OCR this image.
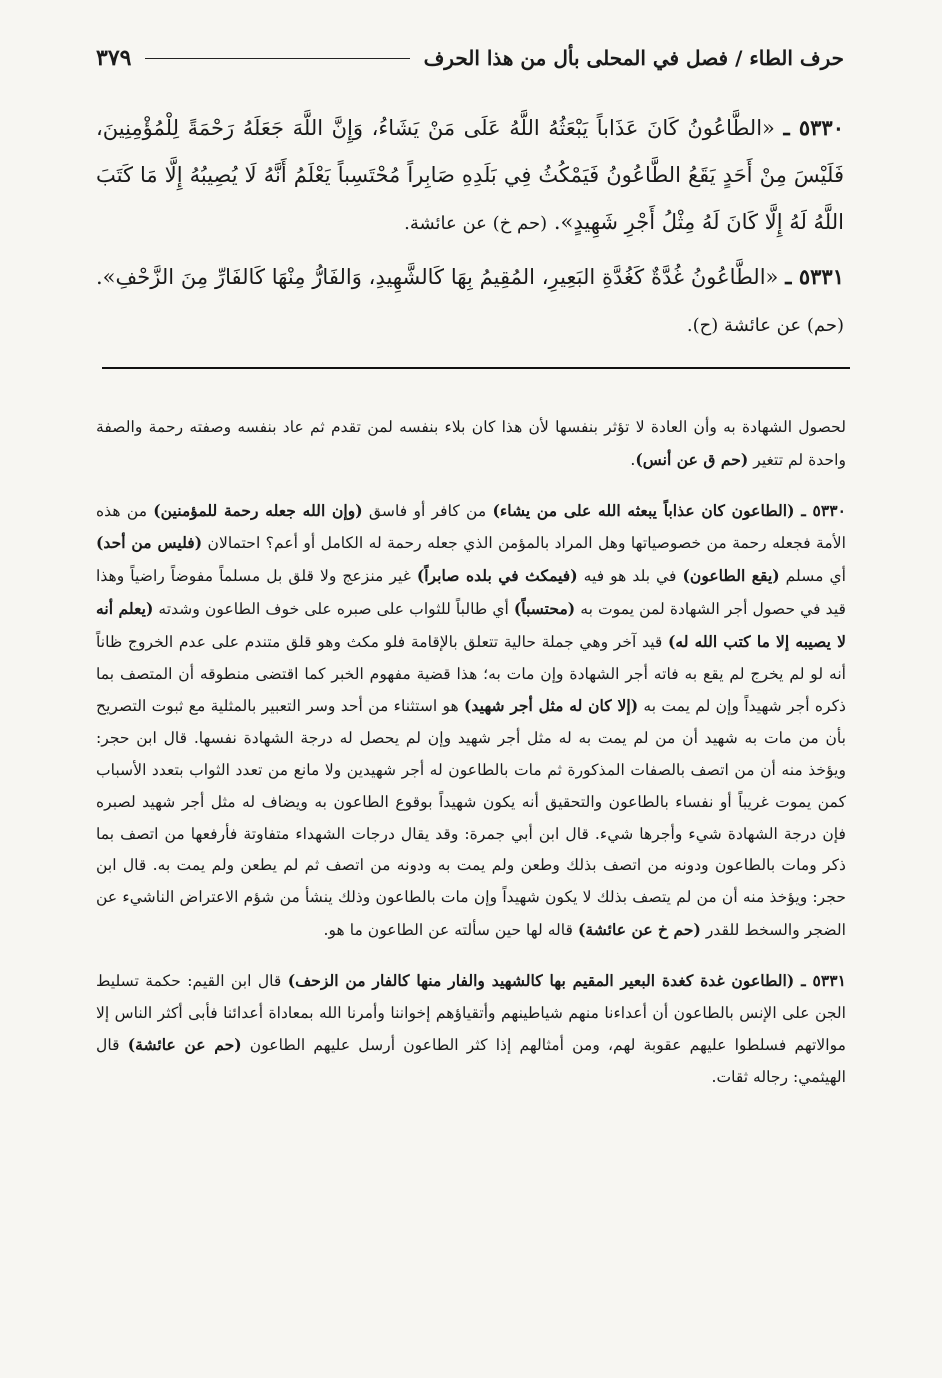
حرف الطاء / فصل في المحلى بأل من هذا الحرف
٣٧٩

٥٣٣٠ ـ «الطَّاعُونُ كَانَ عَذَاباً يَبْعَثُهُ اللَّهُ عَلَى مَنْ يَشَاءُ، وَإِنَّ اللَّهَ جَعَلَهُ رَحْمَةً لِلْمُؤْمِنِينَ، فَلَيْسَ مِنْ أَحَدٍ يَقَعُ الطَّاعُونُ فَيَمْكُثُ فِي بَلَدِهِ صَابِراً مُحْتَسِباً يَعْلَمُ أَنَّهُ لَا يُصِيبُهُ إِلَّا مَا كَتَبَ اللَّهُ لَهُ إِلَّا كَانَ لَهُ مِثْلُ أَجْرِ شَهِيدٍ». (حم خ) عن عائشة.

٥٣٣١ ـ «الطَّاعُونُ غُدَّةٌ كَغُدَّةِ البَعِيرِ، المُقِيمُ بِهَا كَالشَّهِيدِ، وَالفَارُّ مِنْهَا كَالفَارِّ مِنَ الزَّحْفِ». (حم) عن عائشة (ح).

لحصول الشهادة به وأن العادة لا تؤثر بنفسها لأن هذا كان بلاء بنفسه لمن تقدم ثم عاد بنفسه وصفته رحمة والصفة واحدة لم تتغير (حم ق عن أنس).

٥٣٣٠ ـ (الطاعون كان عذاباً يبعثه الله على من يشاء) من كافر أو فاسق (وإن الله جعله رحمة للمؤمنين) من هذه الأمة فجعله رحمة من خصوصياتها وهل المراد بالمؤمن الذي جعله رحمة له الكامل أو أعم؟ احتمالان (فليس من أحد) أي مسلم (يقع الطاعون) في بلد هو فيه (فيمكث في بلده صابراً) غير منزعج ولا قلق بل مسلماً مفوضاً راضياً وهذا قيد في حصول أجر الشهادة لمن يموت به (محتسباً) أي طالباً للثواب على صبره على خوف الطاعون وشدته (يعلم أنه لا يصيبه إلا ما كتب الله له) قيد آخر وهي جملة حالية تتعلق بالإقامة فلو مكث وهو قلق متندم على عدم الخروج ظاناً أنه لو لم يخرج لم يقع به فاته أجر الشهادة وإن مات به؛ هذا قضية مفهوم الخبر كما اقتضى منطوقه أن المتصف بما ذكره أجر شهيداً وإن لم يمت به (إلا كان له مثل أجر شهيد) هو استثناء من أحد وسر التعبير بالمثلية مع ثبوت التصريح بأن من مات به شهيد أن من لم يمت به له مثل أجر شهيد وإن لم يحصل له درجة الشهادة نفسها. قال ابن حجر: ويؤخذ منه أن من اتصف بالصفات المذكورة ثم مات بالطاعون له أجر شهيدين ولا مانع من تعدد الثواب بتعدد الأسباب كمن يموت غريباً أو نفساء بالطاعون والتحقيق أنه يكون شهيداً بوقوع الطاعون به ويضاف له مثل أجر شهيد لصبره فإن درجة الشهادة شيء وأجرها شيء. قال ابن أبي جمرة: وقد يقال درجات الشهداء متفاوتة فأرفعها من اتصف بما ذكر ومات بالطاعون ودونه من اتصف بذلك وطعن ولم يمت به ودونه من اتصف ثم لم يطعن ولم يمت به. قال ابن حجر: ويؤخذ منه أن من لم يتصف بذلك لا يكون شهيداً وإن مات بالطاعون وذلك ينشأ من شؤم الاعتراض الناشيء عن الضجر والسخط للقدر (حم خ عن عائشة) قاله لها حين سألته عن الطاعون ما هو.

٥٣٣١ ـ (الطاعون غدة كغدة البعير المقيم بها كالشهيد والفار منها كالفار من الزحف) قال ابن القيم: حكمة تسليط الجن على الإنس بالطاعون أن أعداءنا منهم شياطينهم وأتقياؤهم إخواننا وأمرنا الله بمعاداة أعدائنا فأبى أكثر الناس إلا موالاتهم فسلطوا عليهم عقوبة لهم، ومن أمثالهم إذا كثر الطاعون أرسل عليهم الطاعون (حم عن عائشة) قال الهيثمي: رجاله ثقات.
